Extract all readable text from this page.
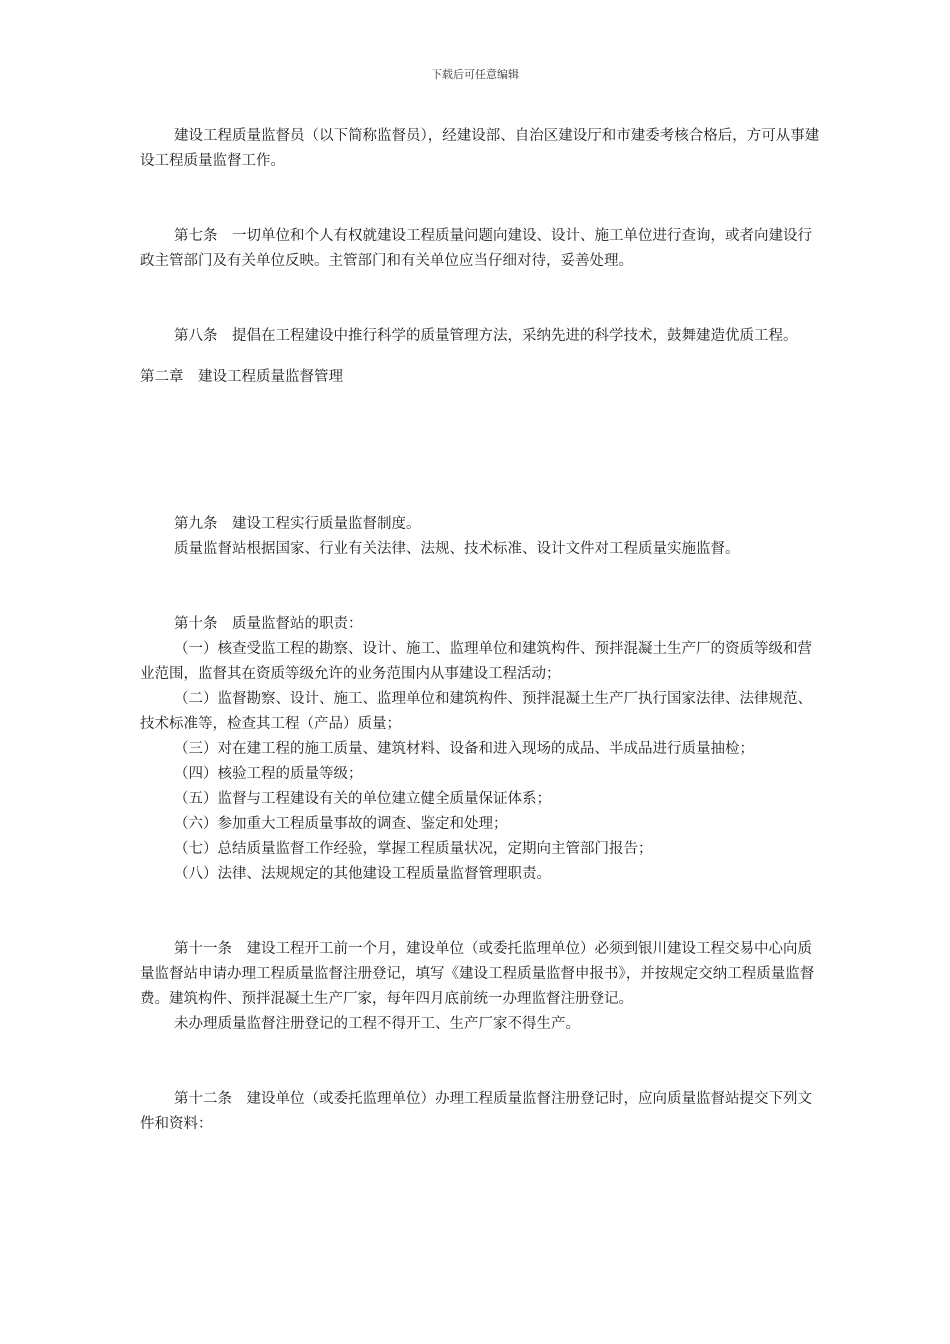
下载后可任意编辑

建设工程质量监督员（以下简称监督员），经建设部、自治区建设厅和市建委考核合格后，方可从事建设工程质量监督工作。

第七条　一切单位和个人有权就建设工程质量问题向建设、设计、施工单位进行查询，或者向建设行政主管部门及有关单位反映。主管部门和有关单位应当仔细对待，妥善处理。

第八条　提倡在工程建设中推行科学的质量管理方法，采纳先进的科学技术，鼓舞建造优质工程。

第二章　建设工程质量监督管理

第九条　建设工程实行质量监督制度。

质量监督站根据国家、行业有关法律、法规、技术标准、设计文件对工程质量实施监督。

第十条　质量监督站的职责：

（一）核查受监工程的勘察、设计、施工、监理单位和建筑构件、预拌混凝土生产厂的资质等级和营业范围，监督其在资质等级允许的业务范围内从事建设工程活动；

（二）监督勘察、设计、施工、监理单位和建筑构件、预拌混凝土生产厂执行国家法律、法律规范、技术标准等，检查其工程（产品）质量；

（三）对在建工程的施工质量、建筑材料、设备和进入现场的成品、半成品进行质量抽检；

（四）核验工程的质量等级；

（五）监督与工程建设有关的单位建立健全质量保证体系；

（六）参加重大工程质量事故的调查、鉴定和处理；

（七）总结质量监督工作经验，掌握工程质量状况，定期向主管部门报告；

（八）法律、法规规定的其他建设工程质量监督管理职责。

第十一条　建设工程开工前一个月，建设单位（或委托监理单位）必须到银川建设工程交易中心向质量监督站申请办理工程质量监督注册登记，填写《建设工程质量监督申报书》，并按规定交纳工程质量监督费。建筑构件、预拌混凝土生产厂家，每年四月底前统一办理监督注册登记。

未办理质量监督注册登记的工程不得开工、生产厂家不得生产。

第十二条　建设单位（或委托监理单位）办理工程质量监督注册登记时，应向质量监督站提交下列文件和资料：
